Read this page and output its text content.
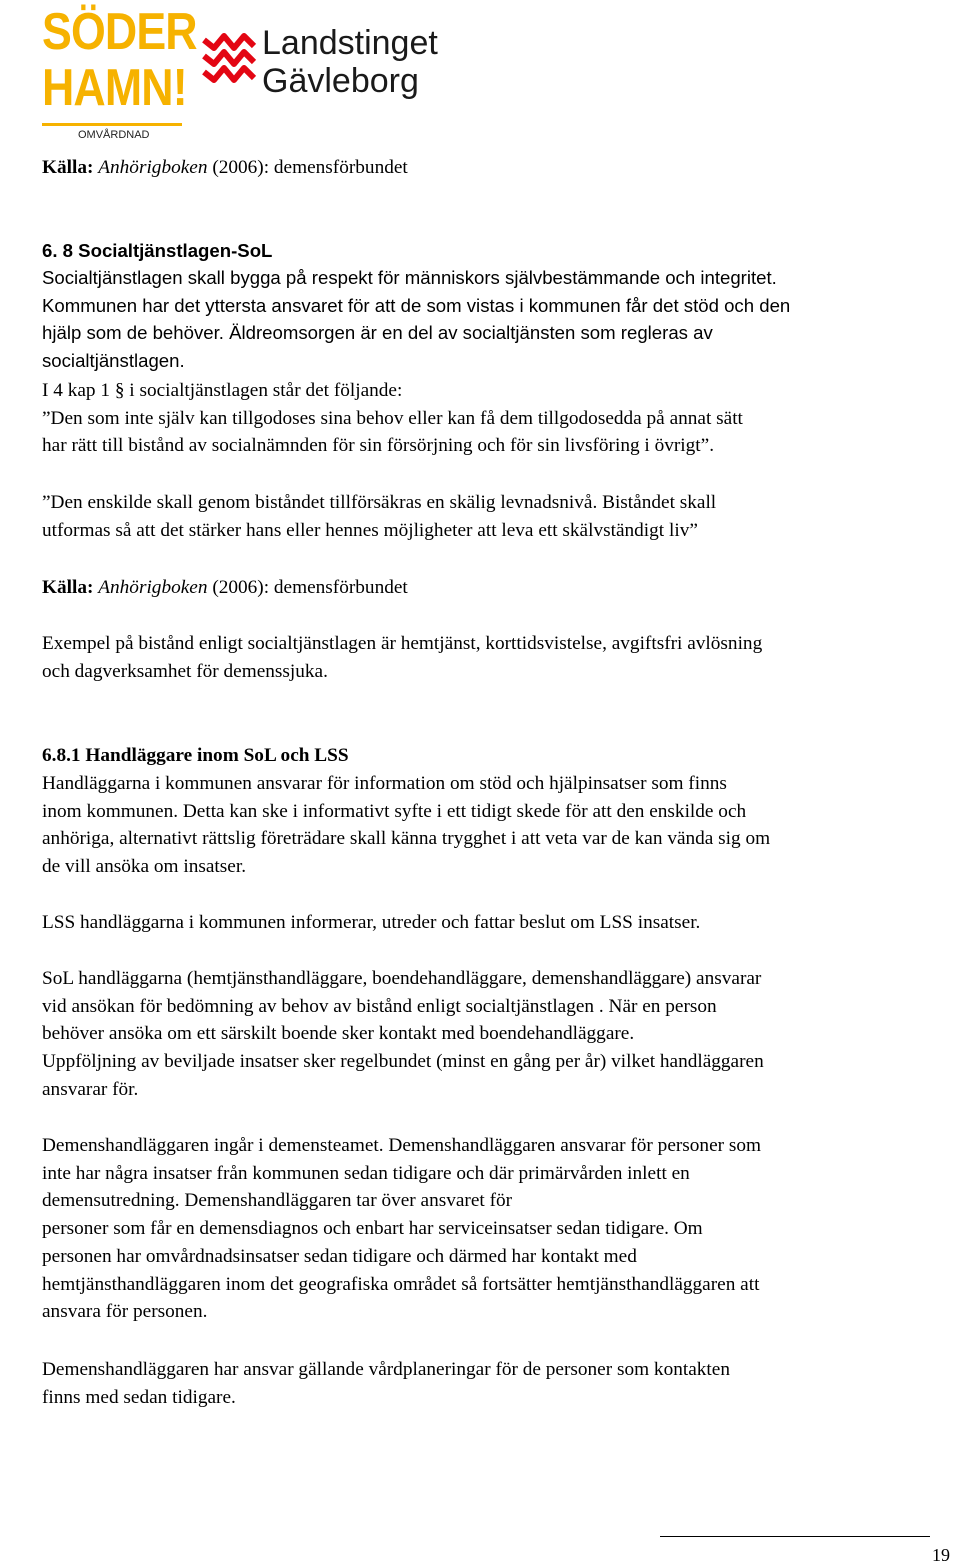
SÖDER
HAMN!
OMVÅRDNAD
Landstinget
Gävleborg

Källa: Anhörigboken (2006): demensförbundet

6. 8 Socialtjänstlagen-SoL

Socialtjänstlagen skall bygga på respekt för människors självbestämmande och integritet.
Kommunen har det yttersta ansvaret för att de som vistas i kommunen får det stöd och den
hjälp som de behöver. Äldreomsorgen är en del av socialtjänsten som regleras av
socialtjänstlagen.
I 4 kap 1 § i socialtjänstlagen står det följande:
”Den som inte själv kan tillgodoses sina behov eller kan få dem tillgodosedda på annat sätt
har rätt till bistånd av socialnämnden för sin försörjning och för sin livsföring i övrigt”.
”Den enskilde skall genom biståndet tillförsäkras en skälig levnadsnivå. Biståndet skall
utformas så att det stärker hans eller hennes möjligheter att leva ett skälvständigt liv”

Källa: Anhörigboken (2006): demensförbundet

Exempel på bistånd enligt socialtjänstlagen är hemtjänst, korttidsvistelse, avgiftsfri avlösning
och dagverksamhet för demenssjuka.

6.8.1 Handläggare inom SoL och LSS

Handläggarna i kommunen ansvarar för information om stöd och hjälpinsatser som finns
inom kommunen. Detta kan ske i informativt syfte i ett tidigt skede för att den enskilde och
anhöriga, alternativt rättslig företrädare skall känna trygghet i att veta var de kan vända sig om
de vill ansöka om insatser.
LSS handläggarna i kommunen informerar, utreder och fattar beslut om LSS insatser.
SoL handläggarna (hemtjänsthandläggare, boendehandläggare, demenshandläggare) ansvarar
vid ansökan för bedömning av behov av bistånd enligt socialtjänstlagen . När en person
behöver ansöka om ett särskilt boende sker kontakt med boendehandläggare.
Uppföljning av beviljade insatser sker regelbundet (minst en gång per år) vilket handläggaren
ansvarar för.
Demenshandläggaren ingår i demensteamet. Demenshandläggaren ansvarar för personer som
inte har några insatser från kommunen sedan tidigare och där primärvården inlett en
demensutredning. Demenshandläggaren tar över ansvaret för
personer som får en demensdiagnos och enbart har serviceinsatser sedan tidigare. Om
personen har omvårdnadsinsatser sedan tidigare och därmed har kontakt med
hemtjänsthandläggaren inom det geografiska området så fortsätter hemtjänsthandläggaren att
ansvara för personen.
Demenshandläggaren har ansvar gällande vårdplaneringar för de personer som kontakten
finns med sedan tidigare.
19
